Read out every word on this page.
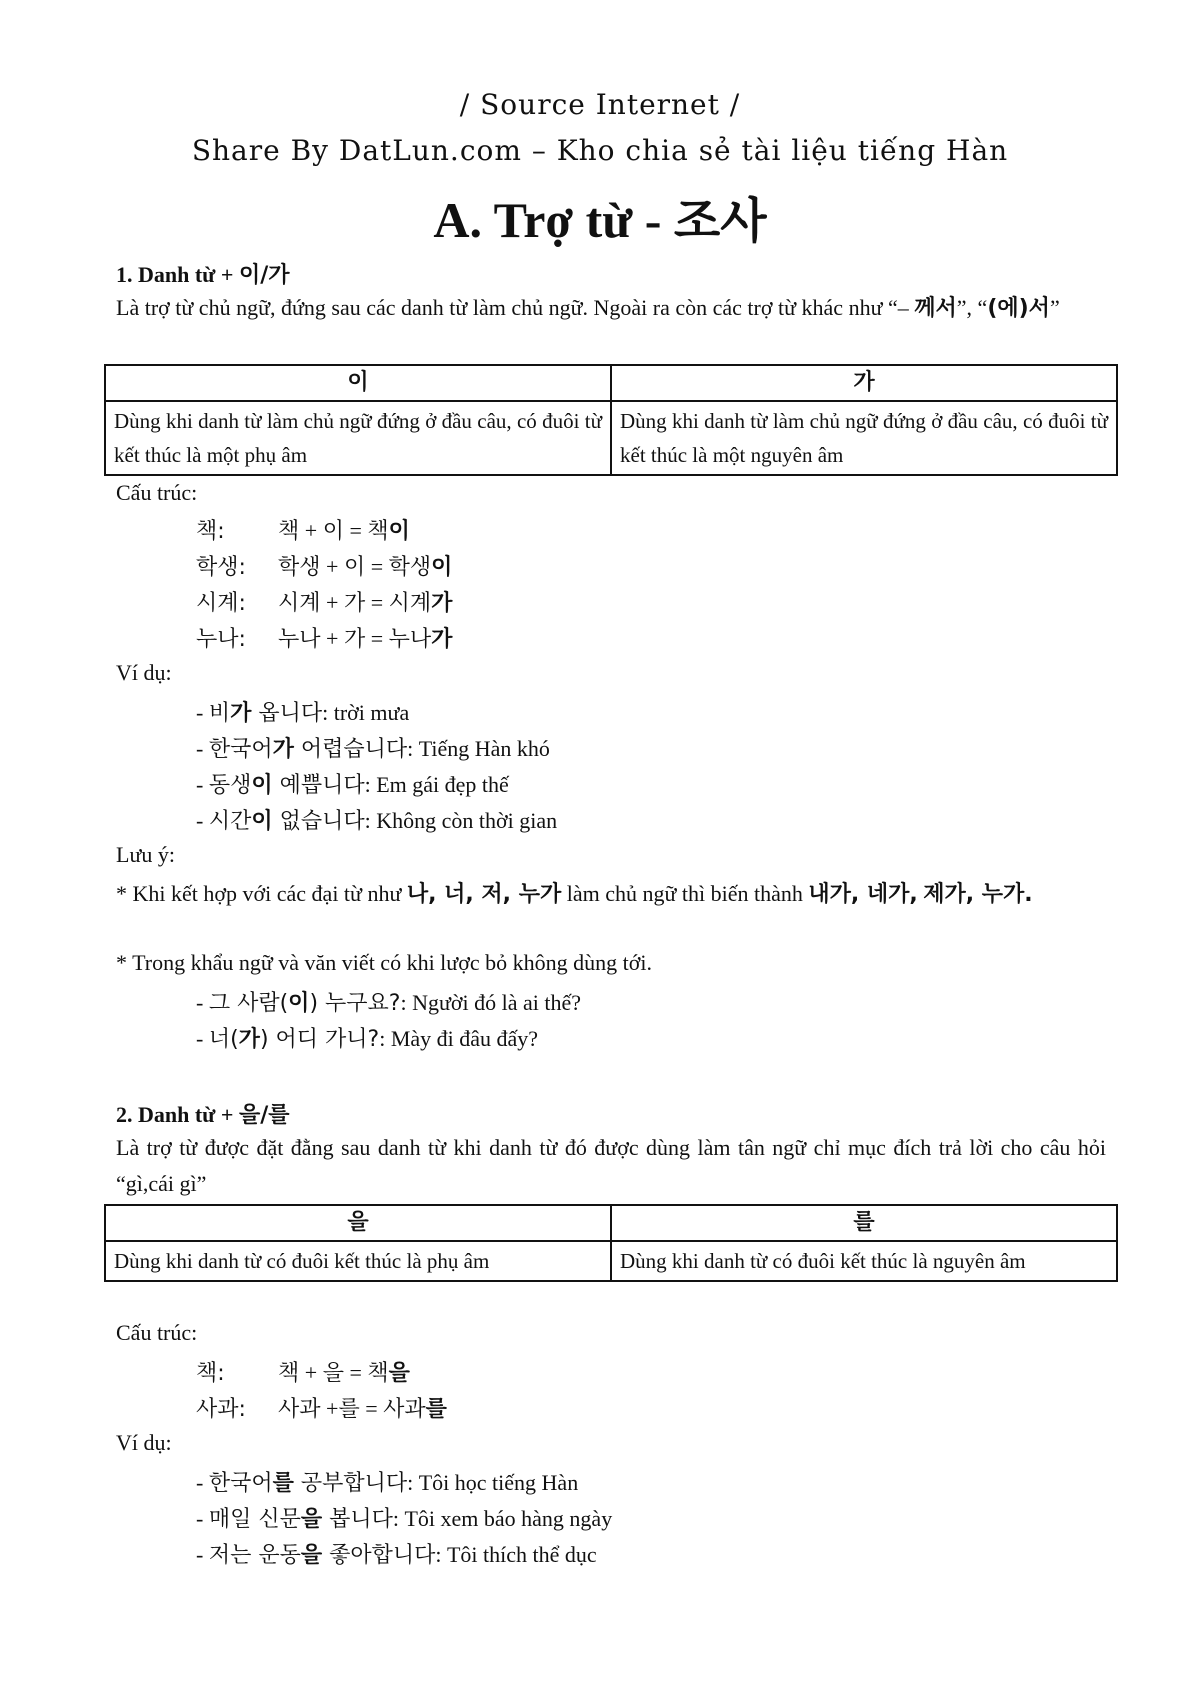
/ Source Internet /
Share By DatLun.com – Kho chia sẻ tài liệu tiếng Hàn
A. Trợ từ - 조사
1. Danh từ + 이/가
Là trợ từ chủ ngữ, đứng sau các danh từ làm chủ ngữ. Ngoài ra còn các trợ từ khác như “– 께서”, “(에)서”
이	가
Dùng khi danh từ làm chủ ngữ đứng ở đầu câu, có đuôi từ kết thúc là một phụ âm	Dùng khi danh từ làm chủ ngữ đứng ở đầu câu, có đuôi từ kết thúc là một nguyên âm
Cấu trúc:
책: 책 + 이 = 책이
학생: 학생 + 이 = 학생이
시계: 시계 + 가 = 시계가
누나: 누나 + 가 = 누나가
Ví dụ:
- 비가 옵니다: trời mưa
- 한국어가 어렵습니다: Tiếng Hàn khó
- 동생이 예쁩니다: Em gái đẹp thế
- 시간이 없습니다: Không còn thời gian
Lưu ý:
* Khi kết hợp với các đại từ như 나, 너, 저, 누가 làm chủ ngữ thì biến thành 내가, 네가, 제가, 누가.
* Trong khẩu ngữ và văn viết có khi lược bỏ không dùng tới.
- 그 사람(이) 누구요?: Người đó là ai thế?
- 너(가) 어디 가니?: Mày đi đâu đấy?
2. Danh từ + 을/를
Là trợ từ được đặt đằng sau danh từ khi danh từ đó được dùng làm tân ngữ chỉ mục đích trả lời cho câu hỏi “gì,cái gì”
을	를
Dùng khi danh từ có đuôi kết thúc là phụ âm	Dùng khi danh từ có đuôi kết thúc là nguyên âm
Cấu trúc:
책: 책 + 을 = 책을
사과: 사과 +를 = 사과를
Ví dụ:
- 한국어를 공부합니다: Tôi học tiếng Hàn
- 매일 신문을 봅니다: Tôi xem báo hàng ngày
- 저는 운동을 좋아합니다: Tôi thích thể dục
